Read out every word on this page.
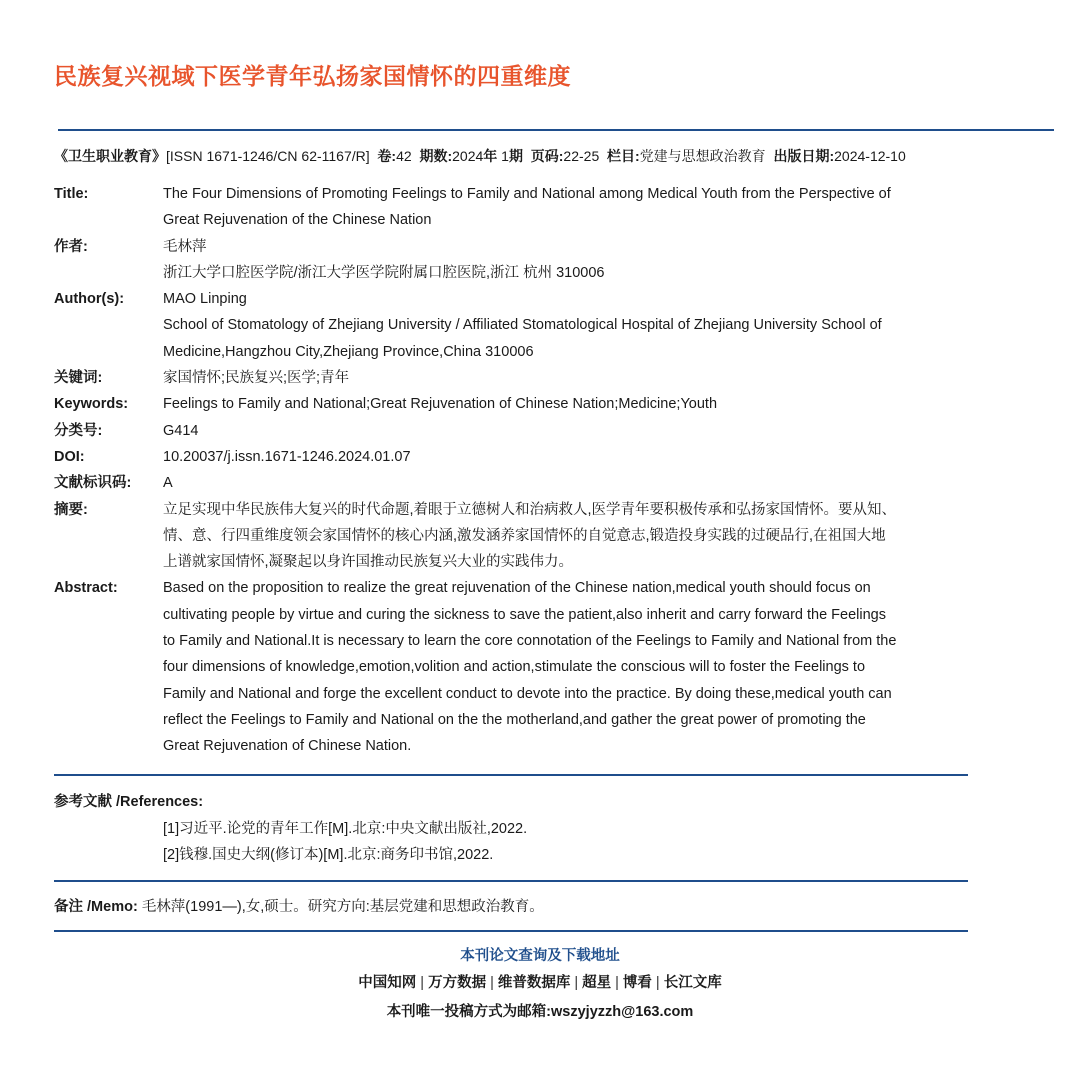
民族复兴视域下医学青年弘扬家国情怀的四重维度
《卫生职业教育》[ISSN 1671-1246/CN 62-1167/R] 卷:42 期数:2024年 1期 页码:22-25 栏目:党建与思想政治教育 出版日期:2024-12-10
Title:	The Four Dimensions of Promoting Feelings to Family and National among Medical Youth from the Perspective of
Great Rejuvenation of the Chinese Nation
作者:	毛林萍
浙江大学口腔医学院/浙江大学医学院附属口腔医院,浙江 杭州 310006
Author(s):	MAO Linping
School of Stomatology of Zhejiang University / Affiliated Stomatological Hospital of Zhejiang University School of
Medicine,Hangzhou City,Zhejiang Province,China 310006
关键词:	家国情怀;民族复兴;医学;青年
Keywords:	Feelings to Family and National;Great Rejuvenation of Chinese Nation;Medicine;Youth
分类号:	G414
DOI:	10.20037/j.issn.1671-1246.2024.01.07
文献标识码:	A
摘要:	立足实现中华民族伟大复兴的时代命题,着眼于立德树人和治病救人,医学青年要积极传承和弘扬家国情怀。要从知、
情、意、行四重维度领会家国情怀的核心内涵,激发涵养家国情怀的自觉意志,锻造投身实践的过硬品行,在祖国大地
上谱就家国情怀,凝聚起以身许国推动民族复兴大业的实践伟力。
Abstract:	Based on the proposition to realize the great rejuvenation of the Chinese nation,medical youth should focus on
cultivating people by virtue and curing the sickness to save the patient,also inherit and carry forward the Feelings
to Family and National.It is necessary to learn the core connotation of the Feelings to Family and National from the
four dimensions of knowledge,emotion,volition and action,stimulate the conscious will to foster the Feelings to
Family and National and forge the excellent conduct to devote into the practice. By doing these,medical youth can
reflect the Feelings to Family and National on the the motherland,and gather the great power of promoting the
Great Rejuvenation of Chinese Nation.
参考文献 /References:
[1]习近平.论党的青年工作[M].北京:中央文献出版社,2022.
[2]钱穆.国史大纲(修订本)[M].北京:商务印书馆,2022.
备注 /Memo: 毛林萍(1991—),女,硕士。研究方向:基层党建和思想政治教育。
本刊论文查询及下载地址
中国知网 | 万方数据 | 维普数据库 | 超星 | 博看 | 长江文库
本刊唯一投稿方式为邮箱:wszyjyzzh@163.com
